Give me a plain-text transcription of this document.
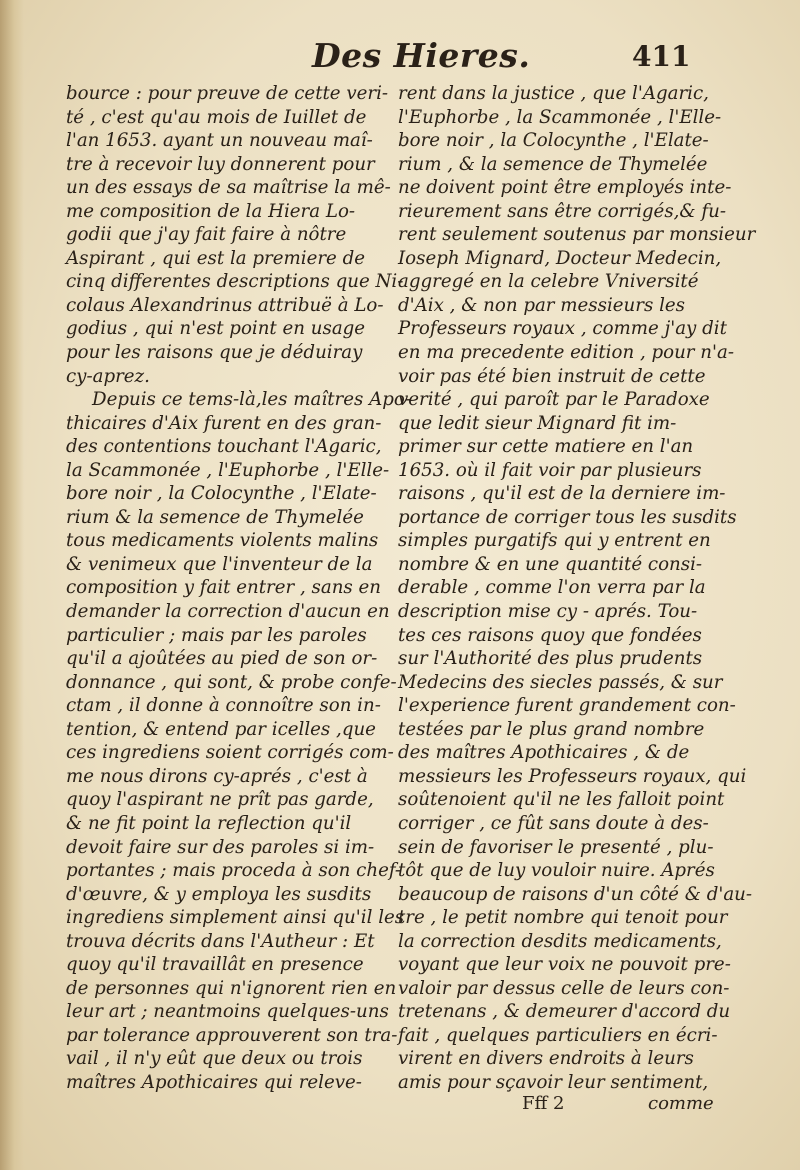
Des Hieres.	411
bource : pour preuve de cette veri-
té , c'est qu'au mois de Iuillet de
l'an 1653. ayant un nouveau maî-
tre à recevoir luy donnerent pour
un des essays de sa maîtrise la mê-
me composition de la Hiera Lo-
godii que j'ay fait faire à nôtre
Aspirant , qui est la premiere de
cinq differentes descriptions que Ni-
colaus Alexandrinus attribuë à Lo-
godius , qui n'est point en usage
pour les raisons que je déduiray
cy-aprez.
Depuis ce tems-là,les maîtres Apo-
thicaires d'Aix furent en des gran-
des contentions touchant l'Agaric,
la Scammonée , l'Euphorbe , l'Elle-
bore noir , la Colocynthe , l'Elate-
rium & la semence de Thymelée
tous medicaments violents malins
& venimeux que l'inventeur de la
composition y fait entrer , sans en
demander la correction d'aucun en
particulier ; mais par les paroles
qu'il a ajoûtées au pied de son or-
donnance , qui sont, & probe confe-
ctam , il donne à connoître son in-
tention, & entend par icelles ,que
ces ingrediens soient corrigés com-
me nous dirons cy-aprés , c'est à
quoy l'aspirant ne prît pas garde,
& ne fit point la reflection qu'il
devoit faire sur des paroles si im-
portantes ; mais proceda à son chef-
d'œuvre, & y employa les susdits
ingrediens simplement ainsi qu'il les
trouva décrits dans l'Autheur : Et
quoy qu'il travaillât en presence
de personnes qui n'ignorent rien en
leur art ; neantmoins quelques-uns
par tolerance approuverent son tra-
vail , il n'y eût que deux ou trois
maîtres Apothicaires qui releve-
rent dans la justice , que l'Agaric,
l'Euphorbe , la Scammonée , l'Elle-
bore noir , la Colocynthe , l'Elate-
rium , & la semence de Thymelée
ne doivent point être employés inte-
rieurement sans être corrigés,& fu-
rent seulement soutenus par monsieur
Ioseph Mignard, Docteur Medecin,
aggregé en la celebre Vniversité
d'Aix , & non par messieurs les
Professeurs royaux , comme j'ay dit
en ma precedente edition , pour n'a-
voir pas été bien instruit de cette
verité , qui paroît par le Paradoxe
que ledit sieur Mignard fit im-
primer sur cette matiere en l'an
1653. où il fait voir par plusieurs
raisons , qu'il est de la derniere im-
portance de corriger tous les susdits
simples purgatifs qui y entrent en
nombre & en une quantité consi-
derable , comme l'on verra par la
description mise cy - aprés. Tou-
tes ces raisons quoy que fondées
sur l'Authorité des plus prudents
Medecins des siecles passés, & sur
l'experience furent grandement con-
testées par le plus grand nombre
des maîtres Apothicaires , & de
messieurs les Professeurs royaux, qui
soûtenoient qu'il ne les falloit point
corriger , ce fût sans doute à des-
sein de favoriser le presenté , plu-
tôt que de luy vouloir nuire. Aprés
beaucoup de raisons d'un côté & d'au-
tre , le petit nombre qui tenoit pour
la correction desdits medicaments,
voyant que leur voix ne pouvoit pre-
valoir par dessus celle de leurs con-
tretenans , & demeurer d'accord du
fait , quelques particuliers en écri-
virent en divers endroits à leurs
amis pour sçavoir leur sentiment,
Fff 2	comme
